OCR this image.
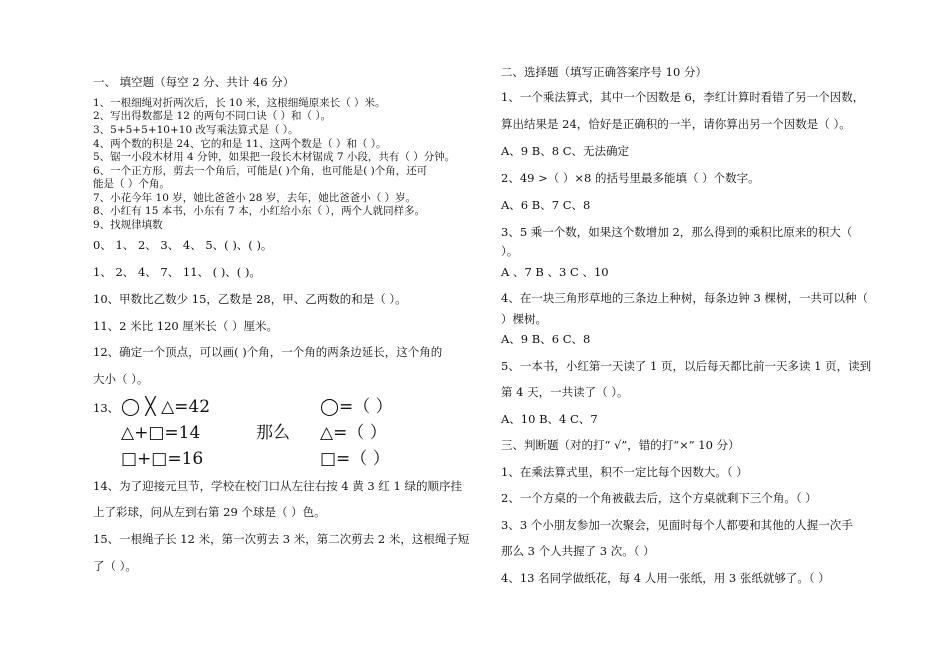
一、 填空题（每空 2 分、共计 46 分）
1、一根细绳对折两次后，长 10 米，这根细绳原来长（ ）米。
2、写出得数都是 12 的两句不同口诀（ ）和（ ）。
3、5+5+5+10+10 改写乘法算式是（ ）。
4、两个数的积是 24、它的和是 11、这两个数是（ ）和（ ）。
5、锯一小段木材用 4 分钟，如果把一段长木材锯成 7 小段，共有（ ）分钟。
6、一个正方形，剪去一个角后，可能是( )个角，也可能是( )个角，还可
能是（ ）个角。
7、小花今年 10 岁，她比爸爸小 28 岁，去年，她比爸爸小（ ）岁。
8、小红有 15 本书，小东有 7 本，小红给小东（ ），两个人就同样多。
9、找规律填数
0、 1、 2、 3、 4、 5、( )、( )。
1、 2、 4、 7、 11、 ( )、( )。
10、甲数比乙数少 15，乙数是 28，甲、乙两数的和是（ ）。
11、2 米比 120 厘米长（ ）厘米。
12、确定一个顶点，可以画( )个角，一个角的两条边延长，这个角的
大小（ ）。
13、 ◯ ╳ △=42	◯=（ ）
△+□=14	那么 △=（ ）
□+□=16	□=（ ）
14、为了迎接元旦节，学校在校门口从左往右按 4 黄 3 红 1 绿的顺序挂
上了彩球，问从左到右第 29 个球是（ ）色。
15、一根绳子长 12 米，第一次剪去 3 米，第二次剪去 2 米，这根绳子短
了（ ）。
二、选择题（填写正确答案序号 10 分）
1、一个乘法算式，其中一个因数是 6，李红计算时看错了另一个因数，
算出结果是 24，恰好是正确积的一半，请你算出另一个因数是（ ）。
A、9 B、8 C、无法确定
2、49 >（ ）×8 的括号里最多能填（ ）个数字。
A、6 B、7 C、8
3、5 乘一个数，如果这个数增加 2，那么得到的乘积比原来的积大（
）。
A 、7 B 、3 C 、10
4、在一块三角形草地的三条边上种树，每条边钟 3 棵树，一共可以种（
）棵树。
A、9 B、6 C、8
5、一本书，小红第一天读了 1 页，以后每天都比前一天多读 1 页，读到
第 4 天，一共读了（ ）。
A、10 B、4 C、7
三、判断题（对的打“ √”，错的打“×” 10 分）
1、在乘法算式里，积不一定比每个因数大。（ ）
2、一个方桌的一个角被截去后，这个方桌就剩下三个角。（ ）
3、3 个小朋友参加一次聚会，见面时每个人都要和其他的人握一次手
那么 3 个人共握了 3 次。（ ）
4、13 名同学做纸花，每 4 人用一张纸，用 3 张纸就够了。（ ）
